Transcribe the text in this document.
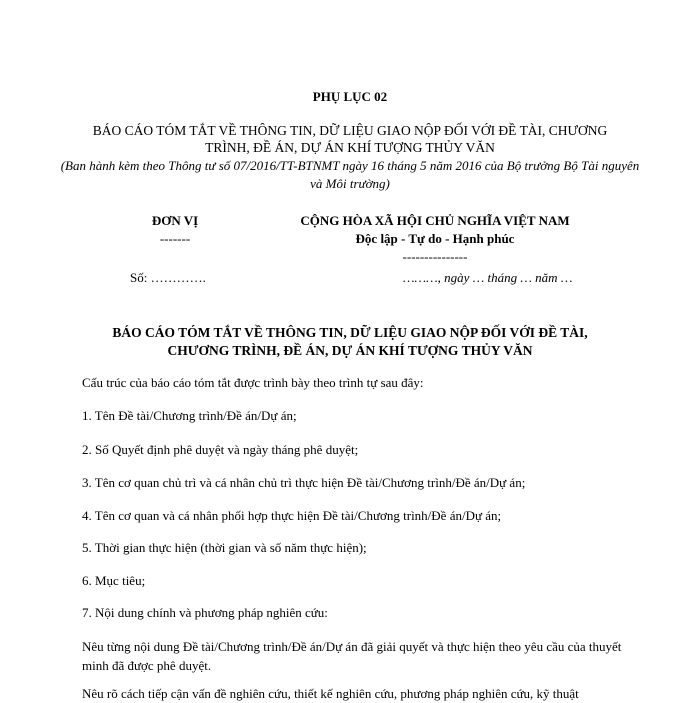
PHỤ LỤC 02
BÁO CÁO TÓM TẮT VỀ THÔNG TIN, DỮ LIỆU GIAO NỘP ĐỐI VỚI ĐỀ TÀI, CHƯƠNG TRÌNH, ĐỀ ÁN, DỰ ÁN KHÍ TƯỢNG THỦY VĂN
(Ban hành kèm theo Thông tư số 07/2016/TT-BTNMT ngày 16 tháng 5 năm 2016 của Bộ trưởng Bộ Tài nguyên và Môi trường)
ĐƠN VỊ
-------
CỘNG HÒA XÃ HỘI CHỦ NGHĨA VIỆT NAM
Độc lập - Tự do - Hạnh phúc
---------------
Số: ………….	………, ngày … tháng … năm …
BÁO CÁO TÓM TẮT VỀ THÔNG TIN, DỮ LIỆU GIAO NỘP ĐỐI VỚI ĐỀ TÀI, CHƯƠNG TRÌNH, ĐỀ ÁN, DỰ ÁN KHÍ TƯỢNG THỦY VĂN
Cấu trúc của báo cáo tóm tắt được trình bày theo trình tự sau đây:
1. Tên Đề tài/Chương trình/Đề án/Dự án;
2. Số Quyết định phê duyệt và ngày tháng phê duyệt;
3. Tên cơ quan chủ trì và cá nhân chủ trì thực hiện Đề tài/Chương trình/Đề án/Dự án;
4. Tên cơ quan và cá nhân phối hợp thực hiện Đề tài/Chương trình/Đề án/Dự án;
5. Thời gian thực hiện (thời gian và số năm thực hiện);
6. Mục tiêu;
7. Nội dung chính và phương pháp nghiên cứu:
Nêu từng nội dung Đề tài/Chương trình/Đề án/Dự án đã giải quyết và thực hiện theo yêu cầu của thuyết minh đã được phê duyệt.
Nêu rõ cách tiếp cận vấn đề nghiên cứu, thiết kế nghiên cứu, phương pháp nghiên cứu, kỹ thuật
